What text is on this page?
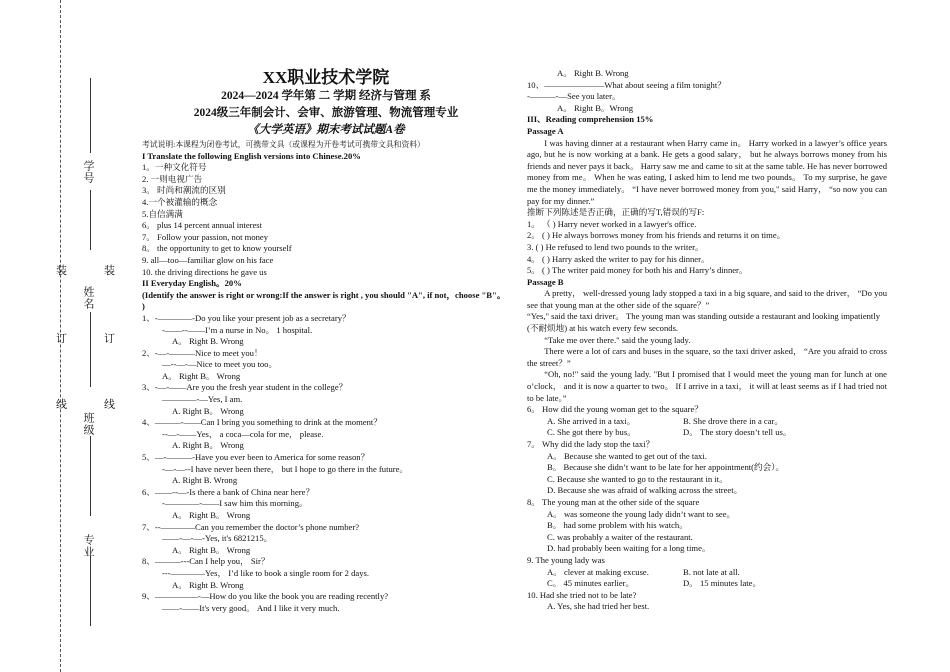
学号
姓名
班级
专业
装	装
订	订
线	线
XX职业技术学院
2024—2024 学年第 二 学期 经济与管理 系
2024级三年制会计、会审、旅游管理、物流管理专业
《大学英语》期末考试试题A卷
考试说明:本课程为闭卷考试，可携带文具（或课程为开卷考试可携带文具和资料）
I Translate the following English versions into Chinese.20%
1。一种文化符号
2. 一则电视广告
3。 时尚和潮流的区别
4.一个被灌输的概念
5.自信满满
6。 plus 14 percent annual interest
7。 Follow your passion, not money
8。 the opportunity to get to know yourself
9. all—too—familiar glow on his face
10. the driving directions he gave us
II Everyday English。20%
(Identify the answer is right or wrong:If the answer is right , you should "A", if not，choose "B"。 )
1、-————-Do you like your present job as a secretary？
-——--——I’m a nurse in No。 1 hospital.
A。 Right B. Wrong
2、-—-———Nice to meet you！
—--—-—Nice to meet you too。
A。 Right B。 Wrong
3、-—-——Are you the fresh year student in the college？
————-—Yes, I am.
A. Right B。 Wrong
4、———-——Can I bring you something to drink at the moment？
--—-——Yes， a coca—cola for me， please.
A. Right B。 Wrong
5、—-———-Have you ever been to America for some reason？
-—-—--I have never been there， but I hope to go there in the future。
A. Right B. Wrong
6、——--—-Is there a bank of China near here？
-————-——I saw him this morning。
A。 Right B。 Wrong
7、--————Can you remember the doctor’s phone number?
——-—-—-Yes, it's 6821215。
A。 Right B。 Wrong
8、———---Can I help you， Sir？
---————Yes， I’d like to book a single room for 2 days.
A。 Right B. Wrong
9、—————-—How do you like the book you are reading recently?
——-——It's very good。 And I like it very much.
A。 Right B. Wrong
10、———————What about seeing a film tonight？
-———-—See you later。
A。 Right B。Wrong
III、Reading comprehension 15%
Passage A
I was having dinner at a restaurant when Harry came in。 Harry worked in a lawyer’s office years ago, but he is now working at a bank. He gets a good salary， but he always borrows money from his friends and never pays it back。 Harry saw me and came to sit at the same table. He has never borrowed money from me。 When he was eating, I asked him to lend me two pounds。 To my surprise, he gave me the money immediately。 “I have never borrowed money from you," said Harry， “so now you can pay for my dinner.”
推断下列陈述是否正确，正确的写T,错误的写F:
1。 （ ) Harry never worked in a lawyer's office.
2。 ( ) He always borrows money from his friends and returns it on time。
3. ( ) He refused to lend two pounds to the writer。
4。 ( ) Harry asked the writer to pay for his dinner。
5。 ( ) The writer paid money for both his and Harry’s dinner。
Passage B
A pretty， well-dressed young lady stopped a taxi in a big square, and said to the driver， “Do you see that young man at the other side of the square？”
“Yes," said the taxi driver。 The young man was standing outside a restaurant and looking impatiently (不耐烦地) at his watch every few seconds.
“Take me over there." said the young lady.
There were a lot of cars and buses in the square, so the taxi driver asked， “Are you afraid to cross the street？”
“Oh, no!" said the young lady. "But I promised that I would meet the young man for lunch at one o’clock， and it is now a quarter to two。 If I arrive in a taxi， it will at least seems as if I had tried not to be late。”
6。 How did the young woman get to the square？
A. She arrived in a taxi。	B. She drove there in a car。
C. She got there by bus。	D。 The story doesn’t tell us。
7。 Why did the lady stop the taxi？
A。 Because she wanted to get out of the taxi.
B。 Because she didn’t want to be late for her appointment(约会）。
C. Because she wanted to go to the restaurant in it。
D. Because she was afraid of walking across the street。
8。 The young man at the other side of the square
A。 was someone the young lady didn’t want to see。
B。 had some problem with his watch。
C. was probably a waiter of the restaurant.
D. had probably been waiting for a long time。
9. The young lady was
A。 clever at making excuse.	B. not late at all.
C。 45 minutes earlier。	D。 15 minutes late。
10. Had she tried not to be late?
A. Yes, she had tried her best.
